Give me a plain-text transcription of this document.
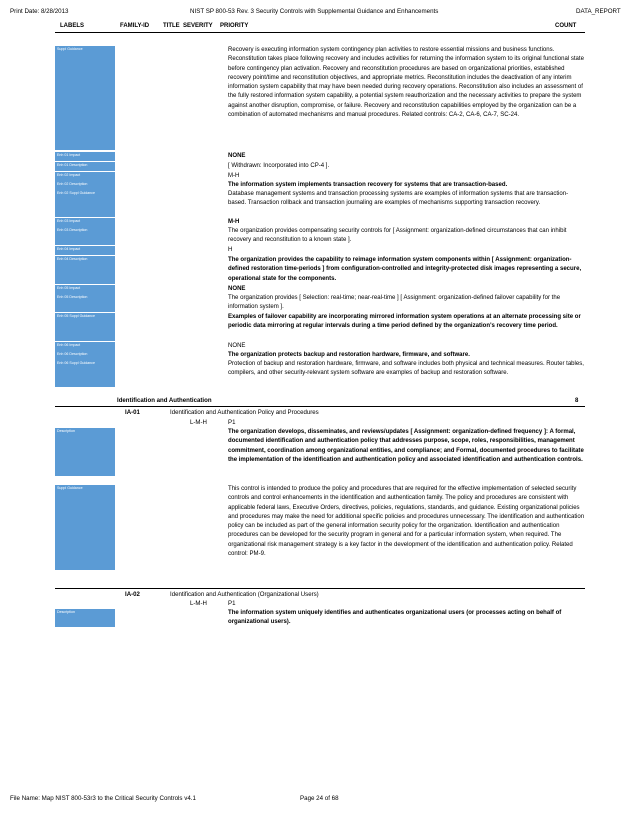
Print Date: 8/28/2013	NIST SP 800-53 Rev. 3 Security Controls with Supplemental Guidance and Enhancements	DATA_REPORT
LABELS	FAMILY-ID TITLE SEVERITY PRIORITY	COUNT
Suppl Guidance	Recovery is executing information system contingency plan activities to restore essential missions and business functions. Reconstitution takes place following recovery and includes activities for returning the information system to its original functional state before contingency plan activation. Recovery and reconstitution procedures are based on organizational priorities, established recovery point/time and reconstitution objectives, and appropriate metrics. Reconstitution includes the deactivation of any interim information system capability that may have been needed during recovery operations. Reconstitution also includes an assessment of the fully restored information system capability, a potential system reauthorization and the necessary activities to prepare the system against another disruption, compromise, or failure. Recovery and reconstitution capabilities employed by the organization can be a combination of automated mechanisms and manual procedures. Related controls: CA-2, CA-6, CA-7, SC-24.
Enh 01 Impact	NONE
Enh 01 Description	[ Withdrawn: Incorporated into CP-4 ].
Enh 02 Impact	M-H
Enh 02 Description	The information system implements transaction recovery for systems that are transaction-based.
Enh 02 Suppl Guidance	Database management systems and transaction processing systems are examples of information systems that are transaction-based. Transaction rollback and transaction journaling are examples of mechanisms supporting transaction recovery.
Enh 03 Impact	M-H
Enh 03 Description	The organization provides compensating security controls for [ Assignment: organization-defined circumstances that can inhibit recovery and reconstitution to a known state ].
Enh 04 Impact	H
Enh 04 Description	The organization provides the capability to reimage information system components within [ Assignment: organization-defined restoration time-periods ] from configuration-controlled and integrity-protected disk images representing a secure, operational state for the components.
Enh 05 Impact	NONE
Enh 05 Description	The organization provides [ Selection: real-time; near-real-time ] [ Assignment: organization-defined failover capability for the information system ].
Enh 05 Suppl Guidance	Examples of failover capability are incorporating mirrored information system operations at an alternate processing site or periodic data mirroring at regular intervals during a time period defined by the organization's recovery time period.
Enh 06 Impact	NONE
Enh 06 Description	The organization protects backup and restoration hardware, firmware, and software.
Enh 06 Suppl Guidance	Protection of backup and restoration hardware, firmware, and software includes both physical and technical measures. Router tables, compilers, and other security-relevant system software are examples of backup and restoration software.
Identification and Authentication	8
IA-01	Identification and Authentication Policy and Procedures
L-M-H	P1
Description	The organization develops, disseminates, and reviews/updates [ Assignment: organization-defined frequency ]: A formal, documented identification and authentication policy that addresses purpose, scope, roles, responsibilities, management commitment, coordination among organizational entities, and compliance; and Formal, documented procedures to facilitate the implementation of the identification and authentication policy and associated identification and authentication controls.
Suppl Guidance	This control is intended to produce the policy and procedures that are required for the effective implementation of selected security controls and control enhancements in the identification and authentication family. The policy and procedures are consistent with applicable federal laws, Executive Orders, directives, policies, regulations, standards, and guidance. Existing organizational policies and procedures may make the need for additional specific policies and procedures unnecessary. The identification and authentication policy can be included as part of the general information security policy for the organization. Identification and authentication procedures can be developed for the security program in general and for a particular information system, when required. The organizational risk management strategy is a key factor in the development of the identification and authentication policy. Related control: PM-9.
IA-02	Identification and Authentication (Organizational Users)
L-M-H	P1
Description	The information system uniquely identifies and authenticates organizational users (or processes acting on behalf of organizational users).
File Name: Map NIST 800-53r3 to the Critical Security Controls v4.1	Page 24 of 68
